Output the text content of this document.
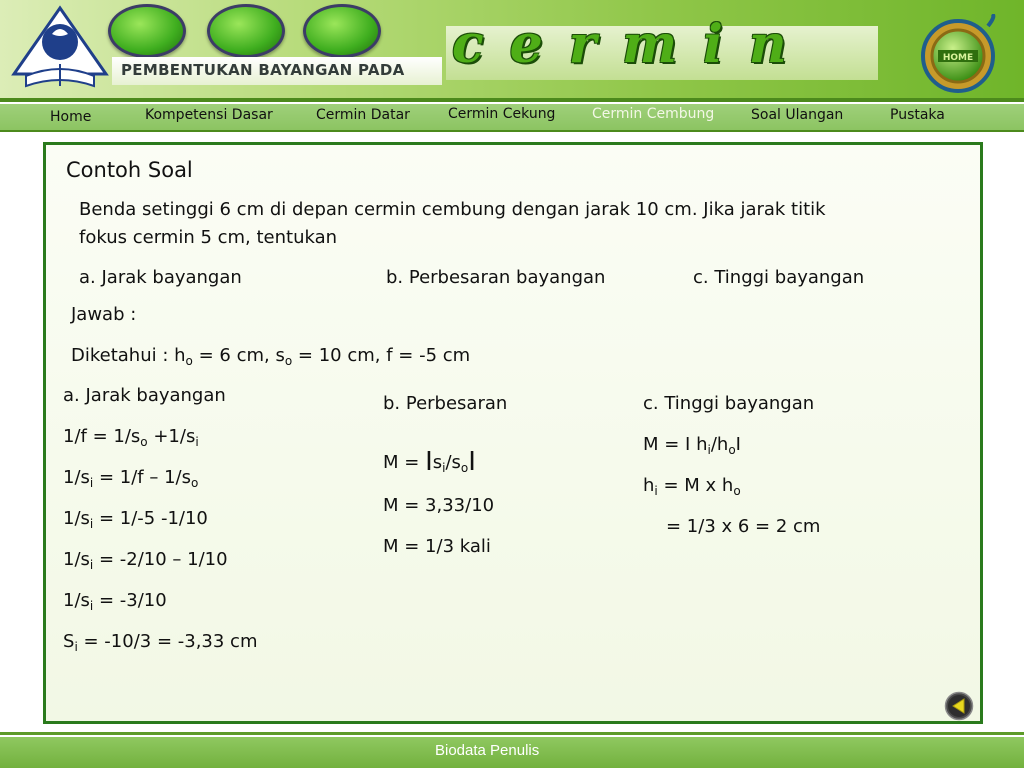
PEMBENTUKAN BAYANGAN PADA cermin	HOME
Home	Kompetensi Dasar	Cermin Datar	Cermin Cekung	Cermin Cembung	Soal Ulangan	Pustaka
Contoh Soal
Benda setinggi 6 cm di depan cermin cembung dengan jarak 10 cm. Jika jarak titik
fokus cermin 5 cm, tentukan
a. Jarak bayangan	b. Perbesaran bayangan	c. Tinggi bayangan
Jawab :
Diketahui : $h_o = 6$ cm, $s_o = 10$ cm, f = -5 cm
a. Jarak bayangan
$1/f = 1/s_o +1/s_i$
$1/s_i = 1/f - 1/s_o$
$1/s_i = 1/-5$ -1/10
$1/s_i = -2/10 - 1/10$
$1/s_i = -3/10$
$S_i = -10/3 = -3,33$ cm
b. Perbesaran
$M = Is_i/s_oI$
M = 3,33/10
M = 1/3 kali
c. Tinggi bayangan
M = I $h_i/h_oI$
$h_i = M$ x $h_o$
= 1/3 x 6 = 2 cm
Biodata Penulis
